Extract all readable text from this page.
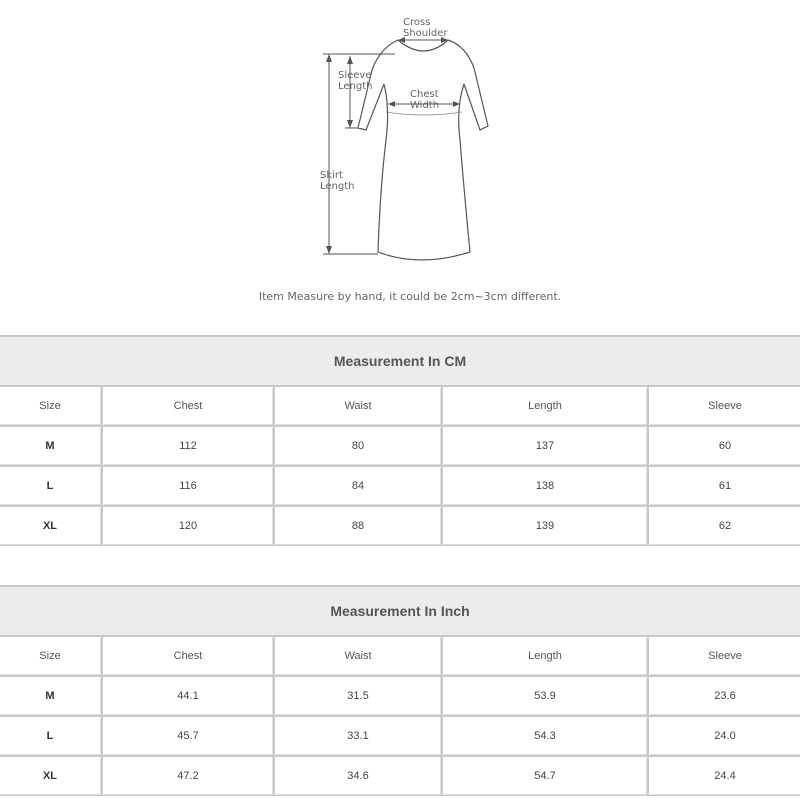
Cross
Shoulder
Sleeve
Length
Chest
Width
Skirt
Length
Item Measure by hand, it could be 2cm~3cm different.
Measurement In CM				
Size	Chest	Waist	Length	Sleeve
M	112	80	137	60
L	116	84	138	61
XL	120	88	139	62
Measurement In Inch				
Size	Chest	Waist	Length	Sleeve
M	44.1	31.5	53.9	23.6
L	45.7	33.1	54.3	24.0
XL	47.2	34.6	54.7	24.4
